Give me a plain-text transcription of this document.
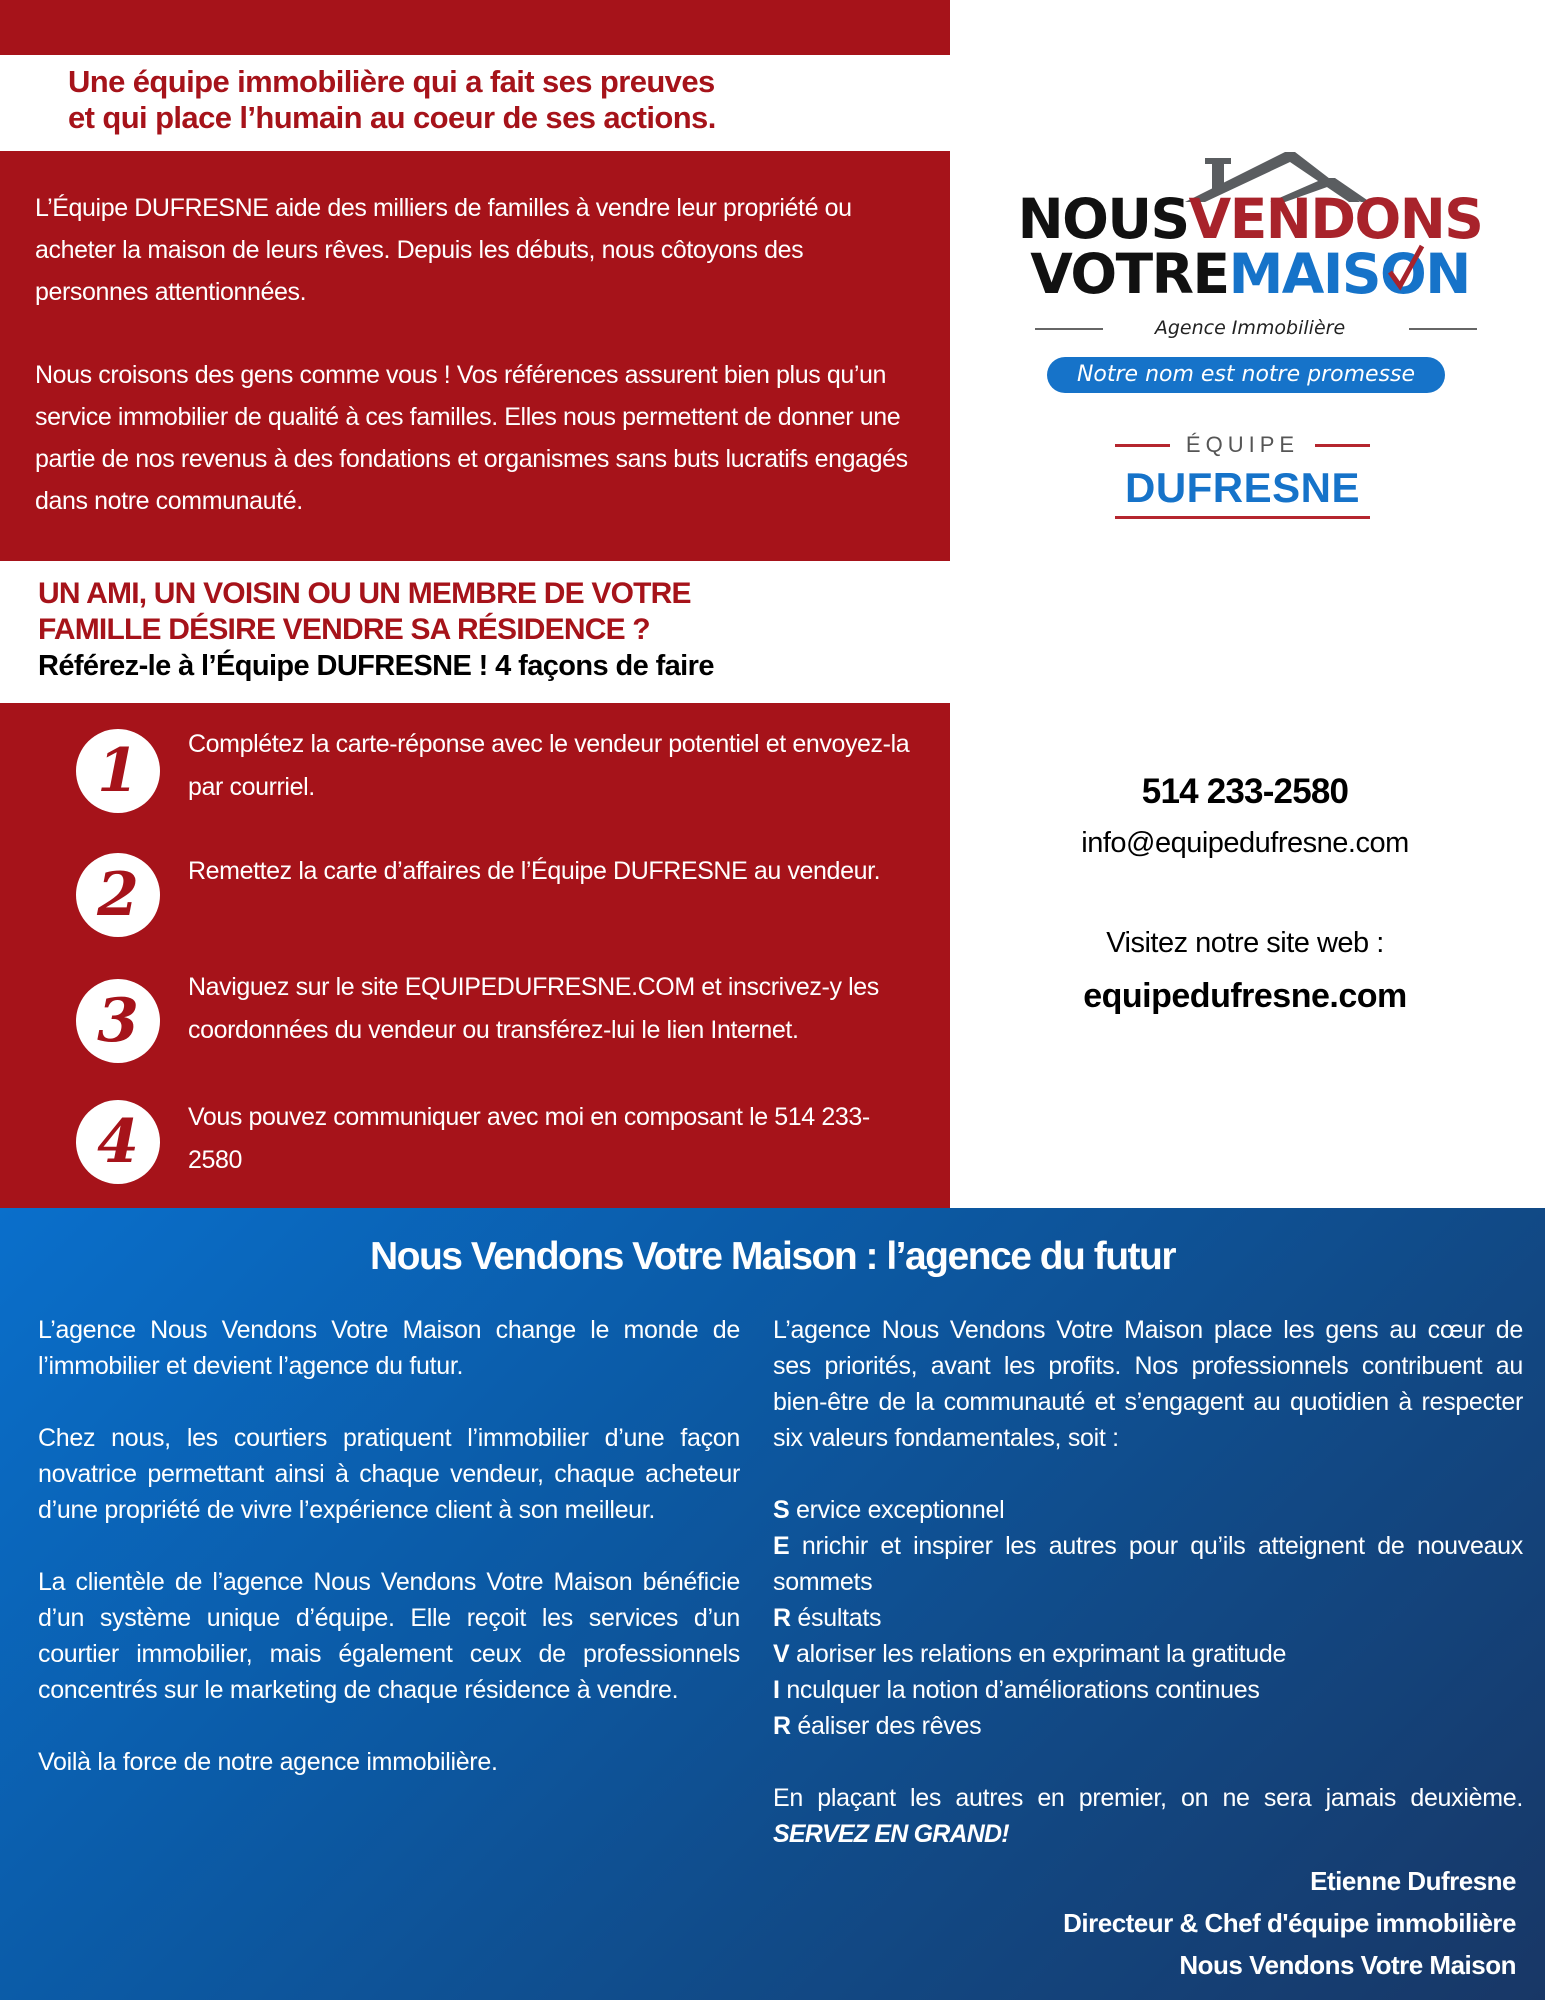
Une équipe immobilière qui a fait ses preuves
et qui place l’humain au coeur de ses actions.

L’Équipe DUFRESNE aide des milliers de familles à vendre leur propriété ou acheter la maison de leurs rêves. Depuis les débuts, nous côtoyons des personnes attentionnées.

Nous croisons des gens comme vous ! Vos références assurent bien plus qu’un service immobilier de qualité à ces familles. Elles nous permettent de donner une partie de nos revenus à des fondations et organismes sans buts lucratifs engagés dans notre communauté.

UN AMI, UN VOISIN OU UN MEMBRE DE VOTRE
FAMILLE DÉSIRE VENDRE SA RÉSIDENCE ?
Référez-le à l’Équipe DUFRESNE ! 4 façons de faire
1	Complétez la carte-réponse avec le vendeur potentiel et envoyez-la par courriel.
2	Remettez la carte d’affaires de l’Équipe DUFRESNE au vendeur.
3	Naviguez sur le site EQUIPEDUFRESNE.COM et inscrivez-y les coordonnées du vendeur ou transférez-lui le lien Internet.
4	Vous pouvez communiquer avec moi en composant le 514 233-2580
NOUSVENDONS
VOTREMAISO
N
Agence Immobilière
Notre nom est notre promesse
ÉQUIPE
DUFRESNE
514 233-2580
info@equipedufresne.com
Visitez notre site web :
equipedufresne.com
Nous Vendons Votre Maison : l’agence du futur

L’agence Nous Vendons Votre Maison change le monde de l’immobilier et devient l’agence du futur.

Chez nous, les courtiers pratiquent l’immobilier d’une façon novatrice permettant ainsi à chaque vendeur, chaque acheteur d’une propriété de vivre l’expérience client à son meilleur.

La clientèle de l’agence Nous Vendons Votre Maison bénéficie d’un système unique d’équipe. Elle reçoit les services d’un courtier immobilier, mais également ceux de professionnels concentrés sur le marketing de chaque résidence à vendre.

Voilà la force de notre agence immobilière.

L’agence Nous Vendons Votre Maison place les gens au cœur de ses priorités, avant les profits. Nos professionnels contribuent au bien-être de la communauté et s’engagent au quotidien à respecter six valeurs fondamentales, soit :

S ervice exceptionnel
E nrichir et inspirer les autres pour qu’ils atteignent de nouveaux sommets
R ésultats
V aloriser les relations en exprimant la gratitude
I nculquer la notion d’améliorations continues
R éaliser des rêves

En plaçant les autres en premier, on ne sera jamais deuxième. SERVEZ EN GRAND!

Etienne Dufresne
Directeur & Chef d'équipe immobilière
Nous Vendons Votre Maison
